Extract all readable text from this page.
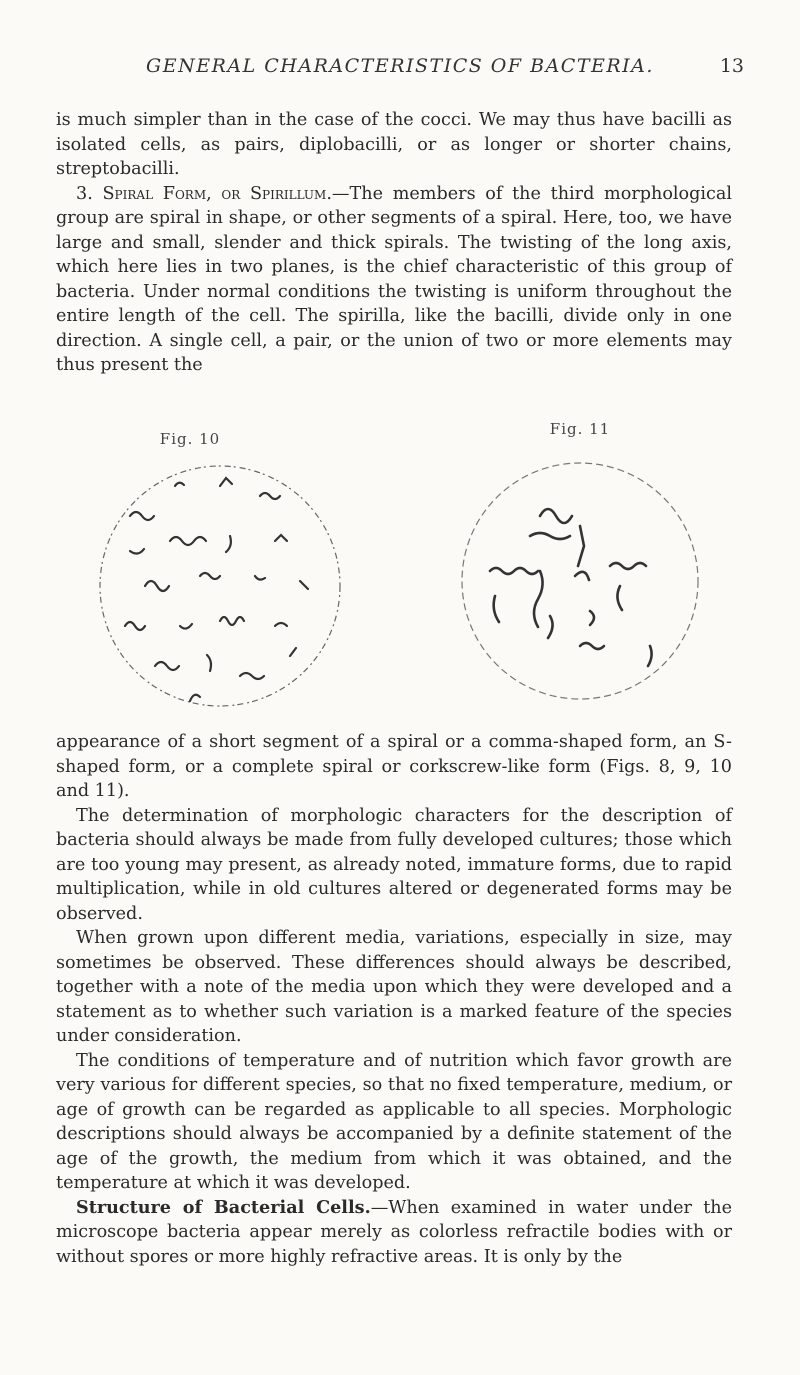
GENERAL CHARACTERISTICS OF BACTERIA.	13

is much simpler than in the case of the cocci. We may thus have bacilli as isolated cells, as pairs, diplobacilli, or as longer or shorter chains, streptobacilli.

3. Spiral Form, or Spirillum.—The members of the third morphological group are spiral in shape, or other segments of a spiral. Here, too, we have large and small, slender and thick spirals. The twisting of the long axis, which here lies in two planes, is the chief characteristic of this group of bacteria. Under normal conditions the twisting is uniform throughout the entire length of the cell. The spirilla, like the bacilli, divide only in one direction. A single cell, a pair, or the union of two or more elements may thus present the

Fig. 10
Fig. 11

appearance of a short segment of a spiral or a comma-shaped form, an S-shaped form, or a complete spiral or corkscrew-like form (Figs. 8, 9, 10 and 11).

The determination of morphologic characters for the description of bacteria should always be made from fully developed cultures; those which are too young may present, as already noted, immature forms, due to rapid multiplication, while in old cultures altered or degenerated forms may be observed.

When grown upon different media, variations, especially in size, may sometimes be observed. These differences should always be described, together with a note of the media upon which they were developed and a statement as to whether such variation is a marked feature of the species under consideration.

The conditions of temperature and of nutrition which favor growth are very various for different species, so that no fixed temperature, medium, or age of growth can be regarded as applicable to all species. Morphologic descriptions should always be accompanied by a definite statement of the age of the growth, the medium from which it was obtained, and the temperature at which it was developed.

Structure of Bacterial Cells.—When examined in water under the microscope bacteria appear merely as colorless refractile bodies with or without spores or more highly refractive areas. It is only by the
